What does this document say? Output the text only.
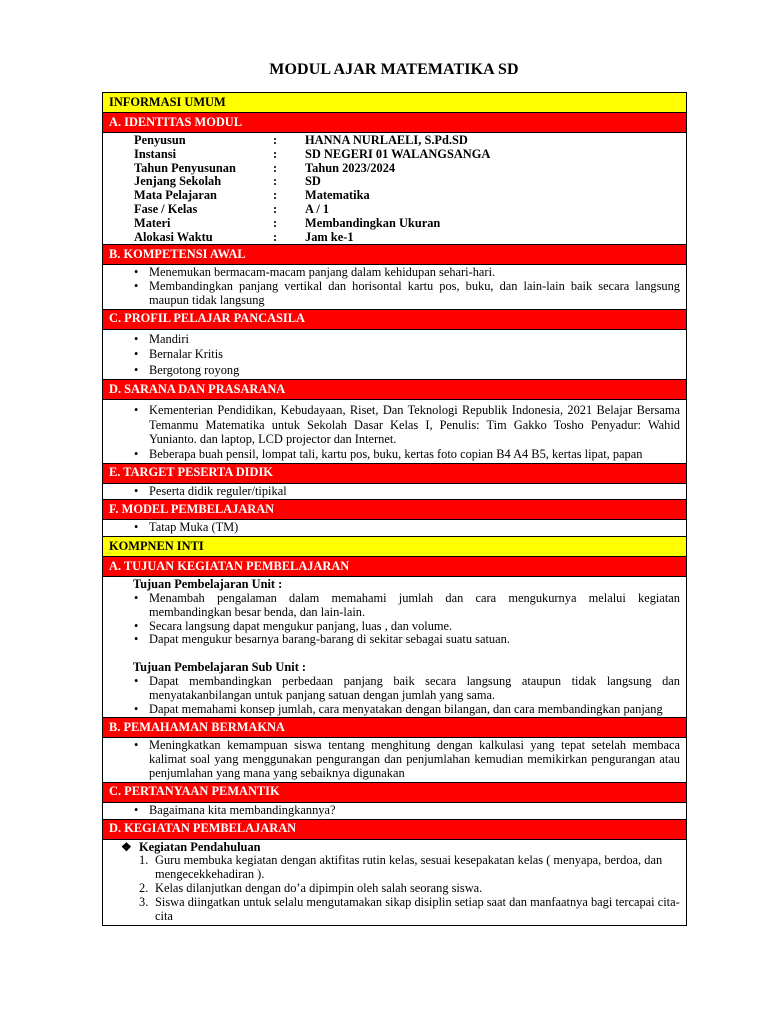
MODUL AJAR MATEMATIKA SD
INFORMASI UMUM
A. IDENTITAS MODUL

Penyusun	:	HANNA NURLAELI, S.Pd.SD
Instansi	:	SD NEGERI 01 WALANGSANGA
Tahun Penyusunan	:	Tahun 2023/2024
Jenjang Sekolah	:	SD
Mata Pelajaran	:	Matematika
Fase / Kelas	:	A / 1
Materi	:	Membandingkan Ukuran
Alokasi Waktu	:	Jam ke-1

B. KOMPETENSI AWAL

• Menemukan bermacam-macam panjang dalam kehidupan sehari-hari.
• Membandingkan panjang vertikal dan horisontal kartu pos, buku, dan lain-lain baik secara langsung maupun tidak langsung

C. PROFIL PELAJAR PANCASILA

• Mandiri
• Bernalar Kritis
• Bergotong royong

D. SARANA DAN PRASARANA

• Kementerian Pendidikan, Kebudayaan, Riset, Dan Teknologi Republik Indonesia, 2021 Belajar Bersama Temanmu Matematika untuk Sekolah Dasar Kelas I, Penulis: Tim Gakko Tosho Penyadur: Wahid Yunianto. dan laptop, LCD projector dan Internet.
• Beberapa buah pensil, lompat tali, kartu pos, buku, kertas foto copian B4 A4 B5, kertas lipat, papan

E. TARGET PESERTA DIDIK

• Peserta didik reguler/tipikal

F. MODEL PEMBELAJARAN

• Tatap Muka (TM)

KOMPNEN INTI
A. TUJUAN KEGIATAN PEMBELAJARAN

Tujuan Pembelajaran Unit :
• Menambah pengalaman dalam memahami jumlah dan cara mengukurnya melalui kegiatan membandingkan besar benda, dan lain-lain.
• Secara langsung dapat mengukur panjang, luas , dan volume.
• Dapat mengukur besarnya barang-barang di sekitar sebagai suatu satuan.
Tujuan Pembelajaran Sub Unit :
• Dapat membandingkan perbedaan panjang baik secara langsung ataupun tidak langsung dan menyatakanbilangan untuk panjang satuan dengan jumlah yang sama.
• Dapat memahami konsep jumlah, cara menyatakan dengan bilangan, dan cara membandingkan panjang

B. PEMAHAMAN BERMAKNA

• Meningkatkan kemampuan siswa tentang menghitung dengan kalkulasi yang tepat setelah membaca kalimat soal yang menggunakan pengurangan dan penjumlahan kemudian memikirkan pengurangan atau penjumlahan yang mana yang sebaiknya digunakan

C. PERTANYAAN PEMANTIK

• Bagaimana kita membandingkannya?

D. KEGIATAN PEMBELAJARAN

❖ Kegiatan Pendahuluan
1. Guru membuka kegiatan dengan aktifitas rutin kelas, sesuai kesepakatan kelas ( menyapa, berdoa, dan mengecekkehadiran ).
2. Kelas dilanjutkan dengan do’a dipimpin oleh salah seorang siswa.
3. Siswa diingatkan untuk selalu mengutamakan sikap disiplin setiap saat dan manfaatnya bagi tercapai cita-cita
